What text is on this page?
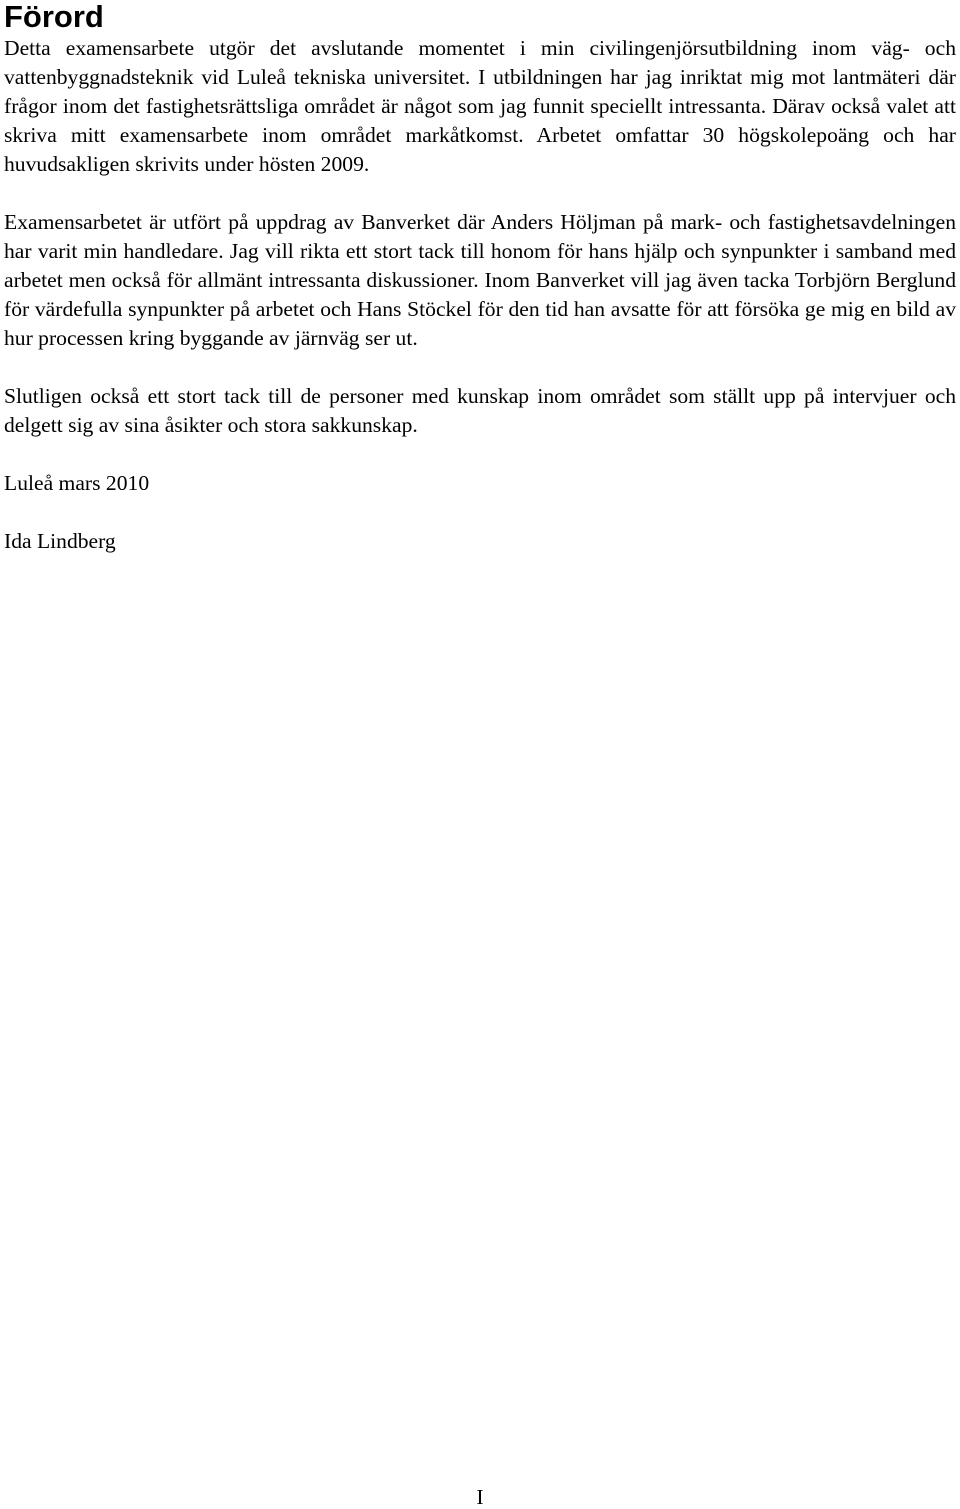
Förord

Detta examensarbete utgör det avslutande momentet i min civilingenjörsutbildning inom väg- och vattenbyggnadsteknik vid Luleå tekniska universitet. I utbildningen har jag inriktat mig mot lantmäteri där frågor inom det fastighetsrättsliga området är något som jag funnit speciellt intressanta. Därav också valet att skriva mitt examensarbete inom området markåtkomst. Arbetet omfattar 30 högskolepoäng och har huvudsakligen skrivits under hösten 2009.

Examensarbetet är utfört på uppdrag av Banverket där Anders Höljman på mark- och fastighetsavdelningen har varit min handledare. Jag vill rikta ett stort tack till honom för hans hjälp och synpunkter i samband med arbetet men också för allmänt intressanta diskussioner. Inom Banverket vill jag även tacka Torbjörn Berglund för värdefulla synpunkter på arbetet och Hans Stöckel för den tid han avsatte för att försöka ge mig en bild av hur processen kring byggande av järnväg ser ut.

Slutligen också ett stort tack till de personer med kunskap inom området som ställt upp på intervjuer och delgett sig av sina åsikter och stora sakkunskap.

Luleå mars 2010

Ida Lindberg

I
